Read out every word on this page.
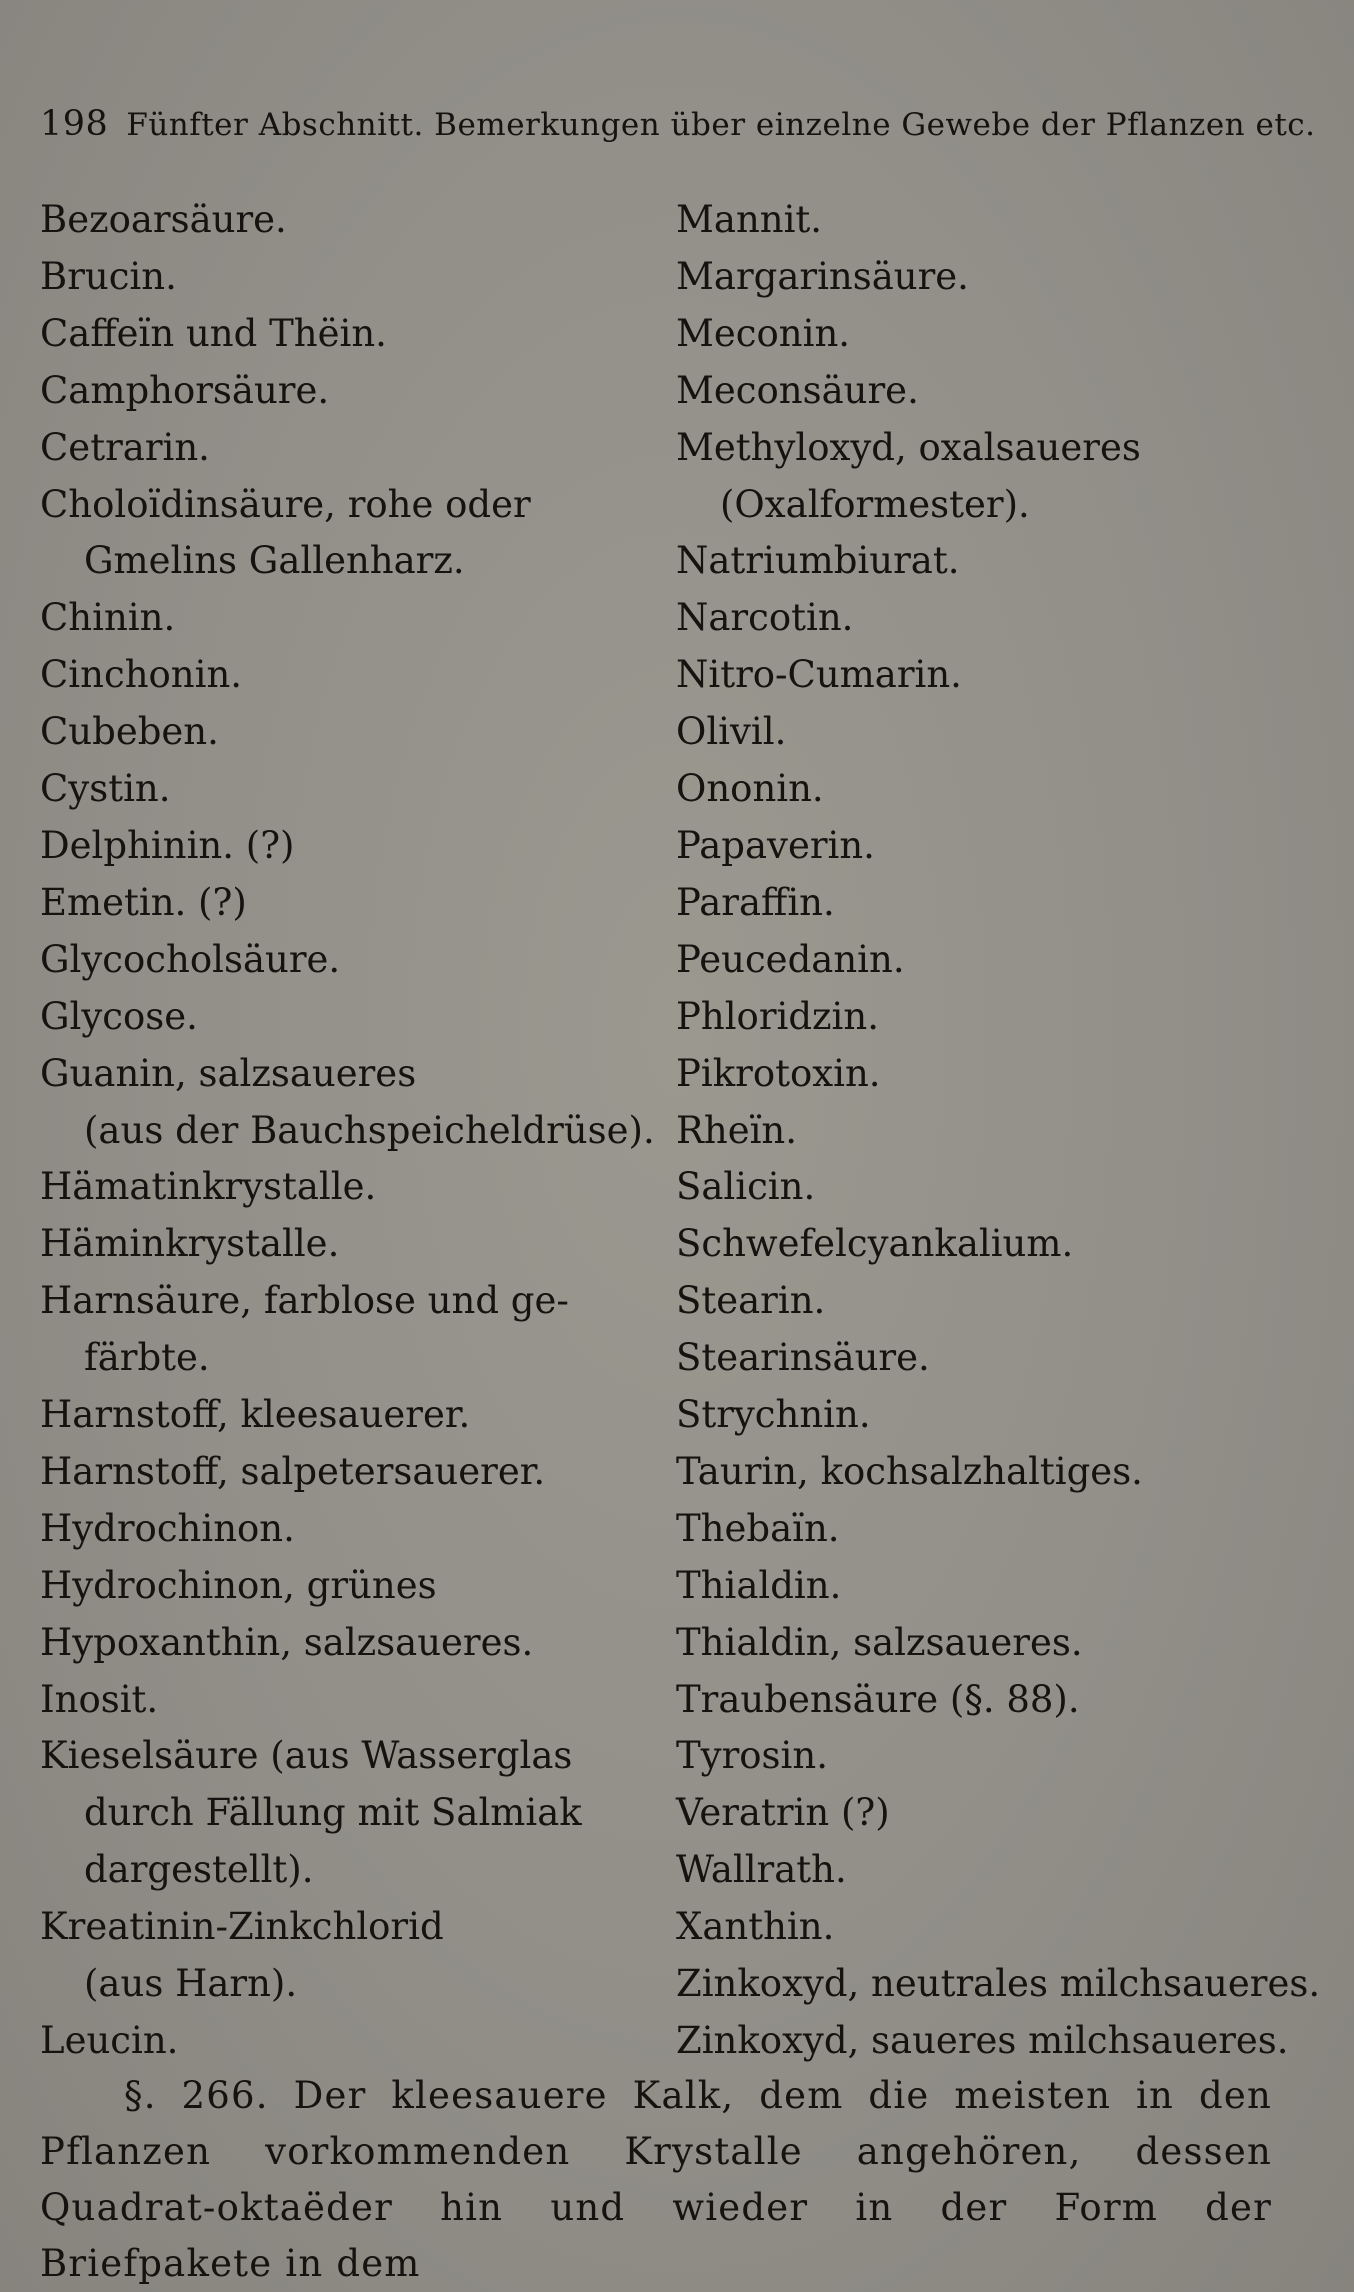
198 Fünfter Abschnitt. Bemerkungen über einzelne Gewebe der Pflanzen etc.
Bezoarsäure.
Brucin.
Caffeïn und Thëin.
Camphorsäure.
Cetrarin.
Choloïdinsäure, rohe oder
Gmelins Gallenharz.
Chinin.
Cinchonin.
Cubeben.
Cystin.
Delphinin. (?)
Emetin. (?)
Glycocholsäure.
Glycose.
Guanin, salzsaueres
(aus der Bauchspeicheldrüse).
Hämatinkrystalle.
Häminkrystalle.
Harnsäure, farblose und ge-
färbte.
Harnstoff, kleesauerer.
Harnstoff, salpetersauerer.
Hydrochinon.
Hydrochinon, grünes
Hypoxanthin, salzsaueres.
Inosit.
Kieselsäure (aus Wasserglas
durch Fällung mit Salmiak
dargestellt).
Kreatinin-Zinkchlorid
(aus Harn).
Leucin.
Mannit.
Margarinsäure.
Meconin.
Meconsäure.
Methyloxyd, oxalsaueres
(Oxalformester).
Natriumbiurat.
Narcotin.
Nitro-Cumarin.
Olivil.
Ononin.
Papaverin.
Paraffin.
Peucedanin.
Phloridzin.
Pikrotoxin.
Rheïn.
Salicin.
Schwefelcyankalium.
Stearin.
Stearinsäure.
Strychnin.
Taurin, kochsalzhaltiges.
Thebaïn.
Thialdin.
Thialdin, salzsaueres.
Traubensäure (§. 88).
Tyrosin.
Veratrin (?)
Wallrath.
Xanthin.
Zinkoxyd, neutrales milchsaueres.
Zinkoxyd, saueres milchsaueres.

§. 266. Der kleesauere Kalk, dem die meisten in den Pflanzen vorkommenden Krystalle angehören, dessen Quadrat-oktaëder hin und wieder in der Form der Briefpakete in dem
